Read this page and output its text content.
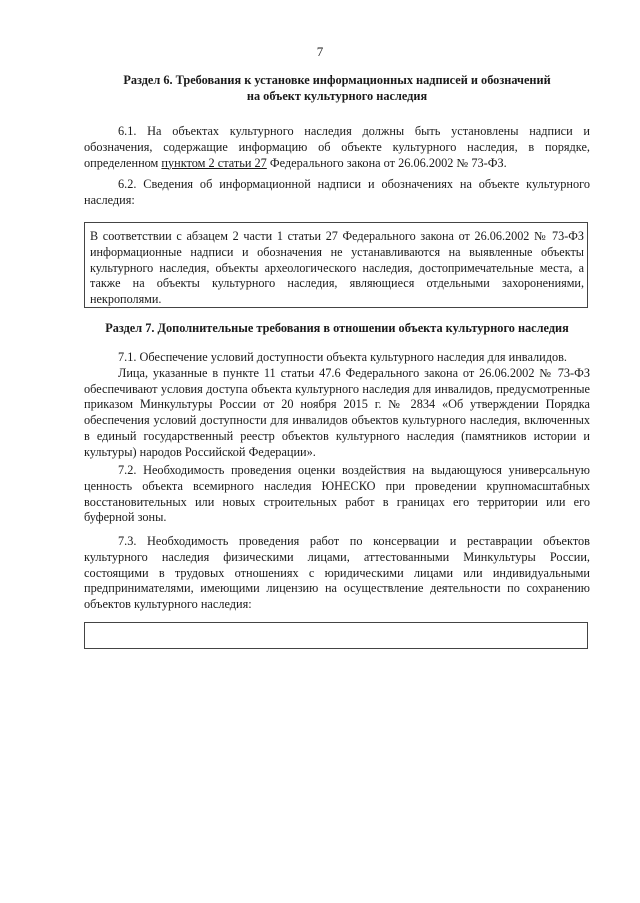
7
Раздел 6. Требования к установке информационных надписей и обозначений
на объект культурного наследия

6.1. На объектах культурного наследия должны быть установлены надписи и обозначения, содержащие информацию об объекте культурного наследия, в порядке, определенном пунктом 2 статьи 27 Федерального закона от 26.06.2002 № 73-ФЗ.

6.2. Сведения об информационной надписи и обозначениях на объекте культурного наследия:

В соответствии с абзацем 2 части 1 статьи 27 Федерального закона от 26.06.2002 № 73-ФЗ информационные надписи и обозначения не устанавливаются на выявленные объекты культурного наследия, объекты археологического наследия, достопримечательные места, а также на объекты культурного наследия, являющиеся отдельными захоронениями, некрополями.
Раздел 7. Дополнительные требования в отношении объекта культурного наследия

7.1. Обеспечение условий доступности объекта культурного наследия для инвалидов.

Лица, указанные в пункте 11 статьи 47.6 Федерального закона от 26.06.2002 № 73-ФЗ обеспечивают условия доступа объекта культурного наследия для инвалидов, предусмотренные приказом Минкультуры России от 20 ноября 2015 г. № 2834 «Об утверждении Порядка обеспечения условий доступности для инвалидов объектов культурного наследия, включенных в единый государственный реестр объектов культурного наследия (памятников истории и культуры) народов Российской Федерации».

7.2. Необходимость проведения оценки воздействия на выдающуюся универсальную ценность объекта всемирного наследия ЮНЕСКО при проведении крупномасштабных восстановительных или новых строительных работ в границах его территории или его буферной зоны.

7.3. Необходимость проведения работ по консервации и реставрации объектов культурного наследия физическими лицами, аттестованными Минкультуры России, состоящими в трудовых отношениях с юридическими лицами или индивидуальными предпринимателями, имеющими лицензию на осуществление деятельности по сохранению объектов культурного наследия:
